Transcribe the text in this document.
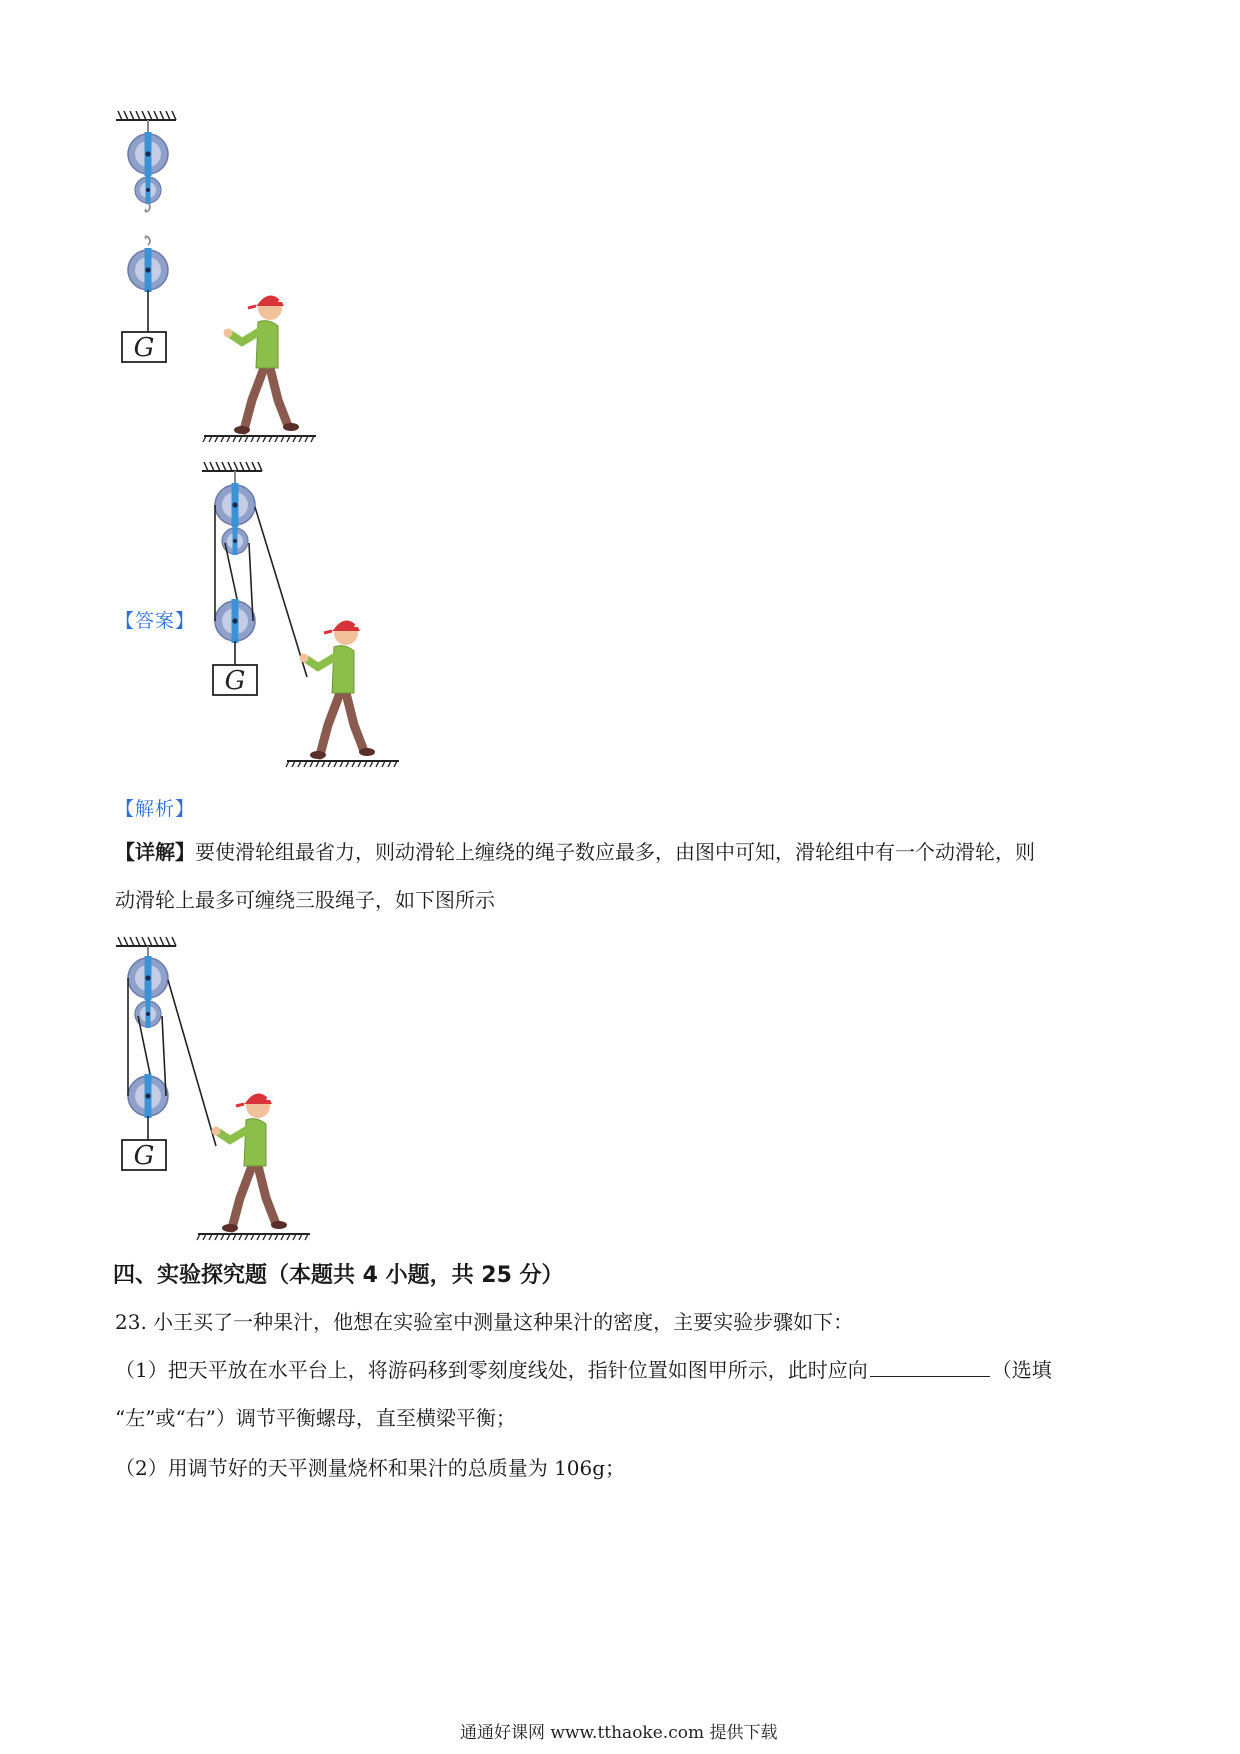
G
【答案】
G
【解析】
【详解】要使滑轮组最省力，则动滑轮上缠绕的绳子数应最多，由图中可知，滑轮组中有一个动滑轮，则
动滑轮上最多可缠绕三股绳子，如下图所示
G
四、实验探究题（本题共 4 小题，共 25 分）
23. 小王买了一种果汁，他想在实验室中测量这种果汁的密度，主要实验步骤如下：
（1）把天平放在水平台上，将游码移到零刻度线处，指针位置如图甲所示，此时应向	（选填
“左”或“右”）调节平衡螺母，直至横梁平衡；
（2）用调节好的天平测量烧杯和果汁的总质量为 106g；
通通好课网 www.tthaoke.com 提供下载
